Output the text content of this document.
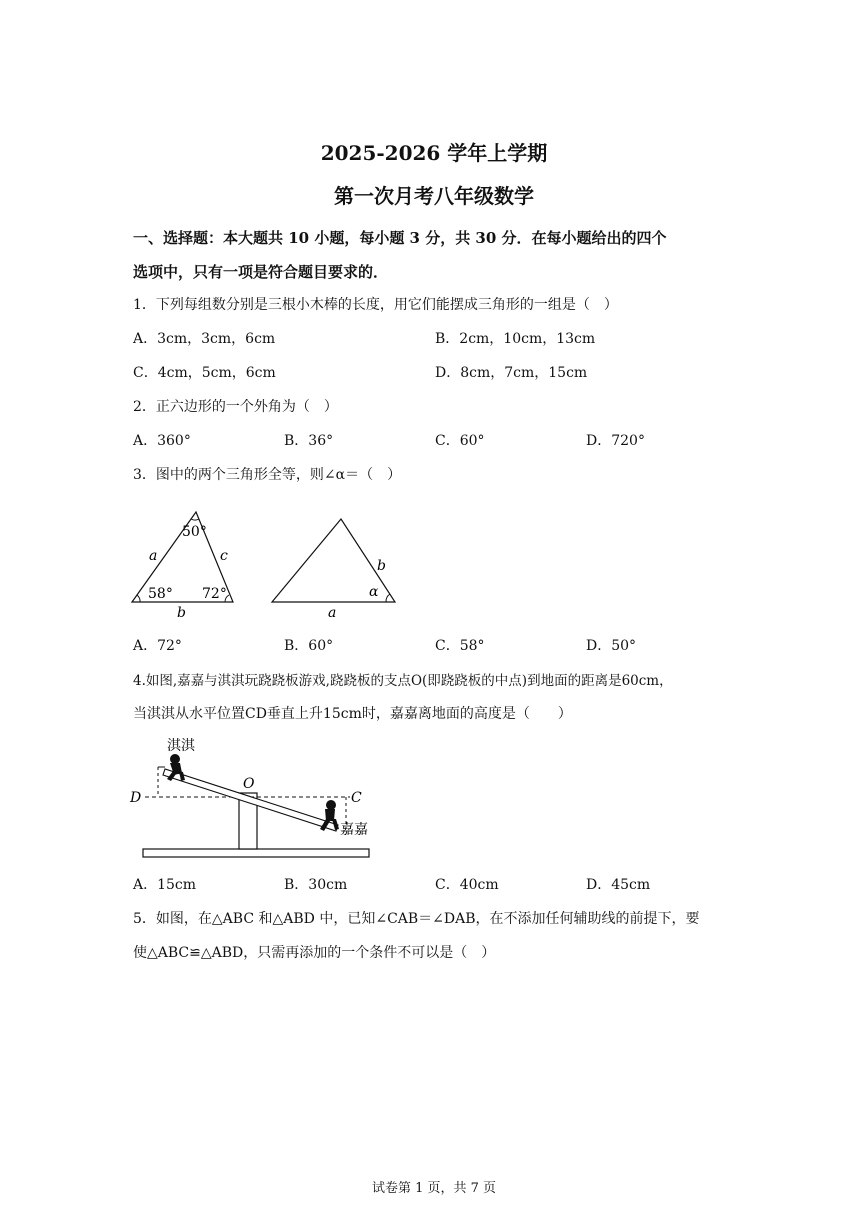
2025-2026 学年上学期
第一次月考八年级数学
一、选择题：本大题共 10 小题，每小题 3 分，共 30 分．在每小题给出的四个
选项中，只有一项是符合题目要求的．
1．下列每组数分别是三根小木棒的长度，用它们能摆成三角形的一组是（　）
A．3cm，3cm，6cm	B．2cm，10cm，13cm
C．4cm，5cm，6cm	D．8cm，7cm，15cm
2．正六边形的一个外角为（　）
A．360°	B．36°	C．60°	D．720°
3．图中的两个三角形全等，则∠α＝（　）
50°
a	c
58° 72°
b
b
α
a
A．72°	B．60°	C．58°	D．50°
4.如图,嘉嘉与淇淇玩跷跷板游戏,跷跷板的支点O(即跷跷板的中点)到地面的距离是60cm，
当淇淇从水平位置CD垂直上升15cm时，嘉嘉离地面的高度是（　　）
淇淇
O
D	C
嘉嘉
A．15cm	B．30cm	C．40cm	D．45cm
5．如图，在△ABC 和△ABD 中，已知∠CAB＝∠DAB，在不添加任何辅助线的前提下，要
使△ABC≌△ABD，只需再添加的一个条件不可以是（　）
试卷第 1 页，共 7 页
